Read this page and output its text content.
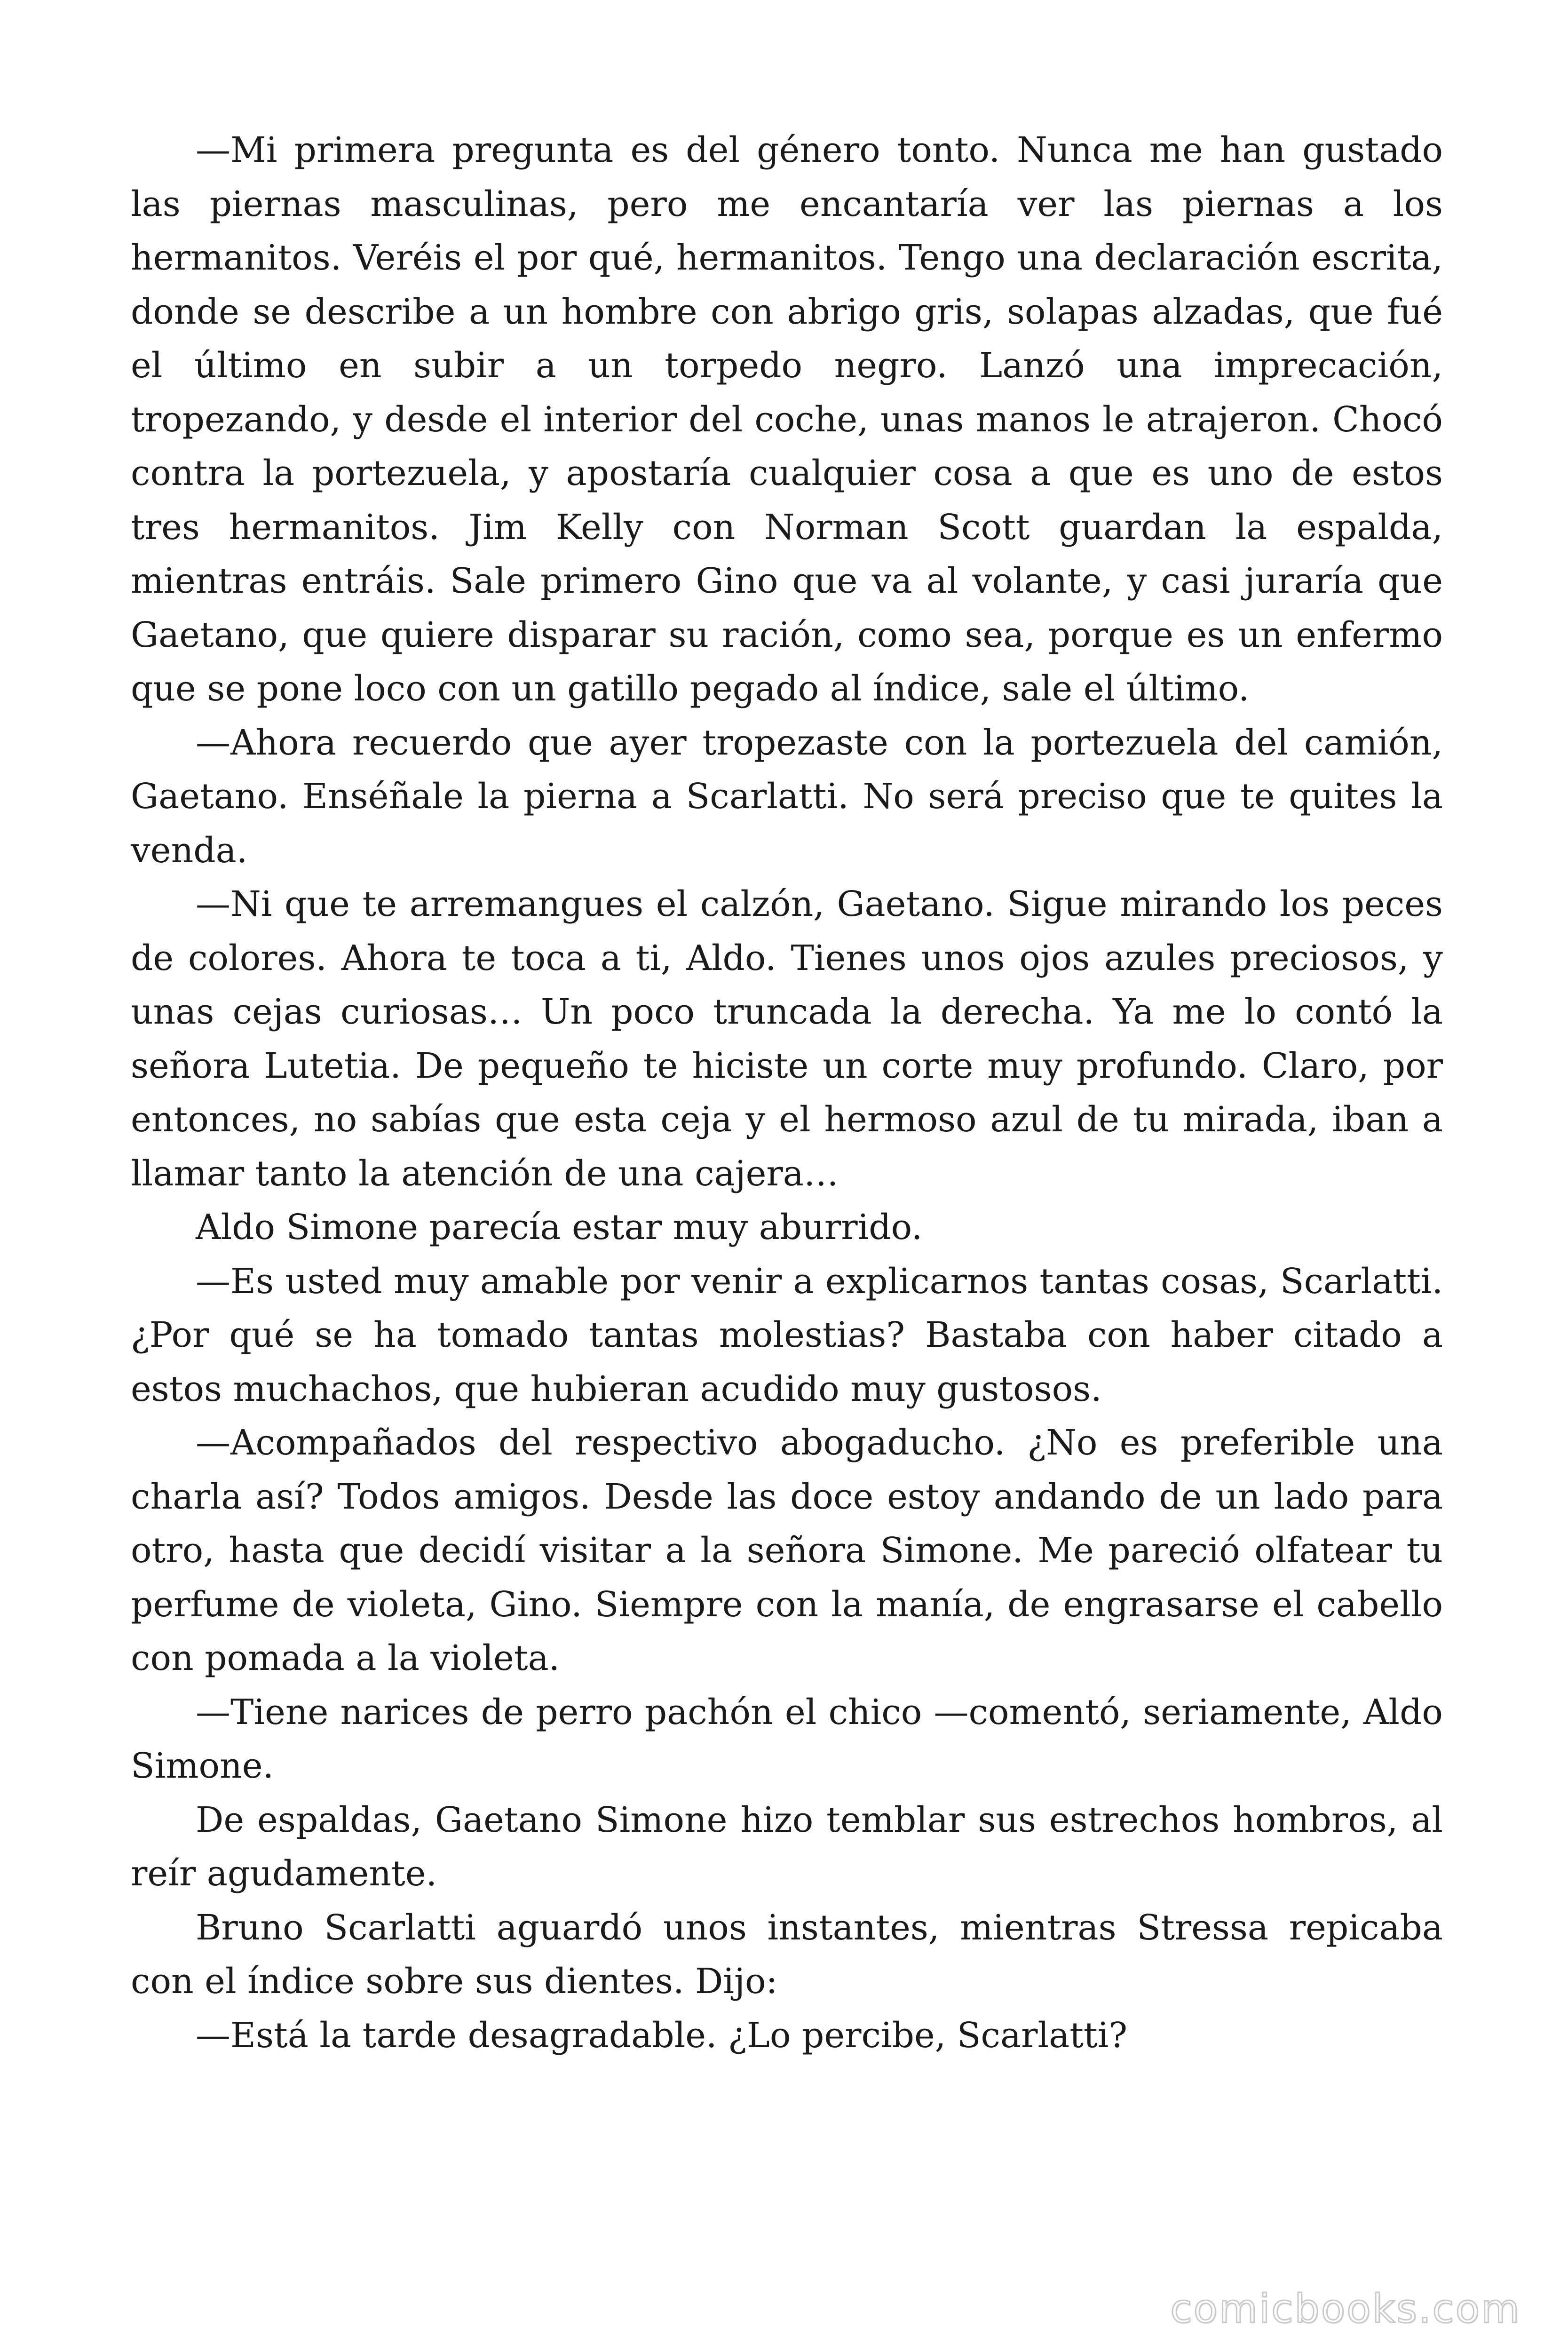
—Mi primera pregunta es del género tonto. Nunca me han gustado las piernas masculinas, pero me encantaría ver las piernas a los hermanitos. Veréis el por qué, hermanitos. Tengo una declaración escrita, donde se describe a un hombre con abrigo gris, solapas alzadas, que fué el último en subir a un torpedo negro. Lanzó una imprecación, tropezando, y desde el interior del coche, unas manos le atrajeron. Chocó contra la portezuela, y apostaría cualquier cosa a que es uno de estos tres hermanitos. Jim Kelly con Norman Scott guardan la espalda, mientras entráis. Sale primero Gino que va al volante, y casi juraría que Gaetano, que quiere disparar su ración, como sea, porque es un enfermo que se pone loco con un gatillo pegado al índice, sale el último.

—Ahora recuerdo que ayer tropezaste con la portezuela del camión, Gaetano. Enséñale la pierna a Scarlatti. No será preciso que te quites la venda.

—Ni que te arremangues el calzón, Gaetano. Sigue mirando los peces de colores. Ahora te toca a ti, Aldo. Tienes unos ojos azules preciosos, y unas cejas curiosas… Un poco truncada la derecha. Ya me lo contó la señora Lutetia. De pequeño te hiciste un corte muy profundo. Claro, por entonces, no sabías que esta ceja y el hermoso azul de tu mirada, iban a llamar tanto la atención de una cajera…

Aldo Simone parecía estar muy aburrido.

—Es usted muy amable por venir a explicarnos tantas cosas, Scarlatti. ¿Por qué se ha tomado tantas molestias? Bastaba con haber citado a estos muchachos, que hubieran acudido muy gustosos.

—Acompañados del respectivo abogaducho. ¿No es preferible una charla así? Todos amigos. Desde las doce estoy andando de un lado para otro, hasta que decidí visitar a la señora Simone. Me pareció olfatear tu perfume de violeta, Gino. Siempre con la manía, de engrasarse el cabello con pomada a la violeta.

—Tiene narices de perro pachón el chico —comentó, seriamente, Aldo Simone.

De espaldas, Gaetano Simone hizo temblar sus estrechos hombros, al reír agudamente.

Bruno Scarlatti aguardó unos instantes, mientras Stressa repicaba con el índice sobre sus dientes. Dijo:

—Está la tarde desagradable. ¿Lo percibe, Scarlatti?

comicbooks.com
